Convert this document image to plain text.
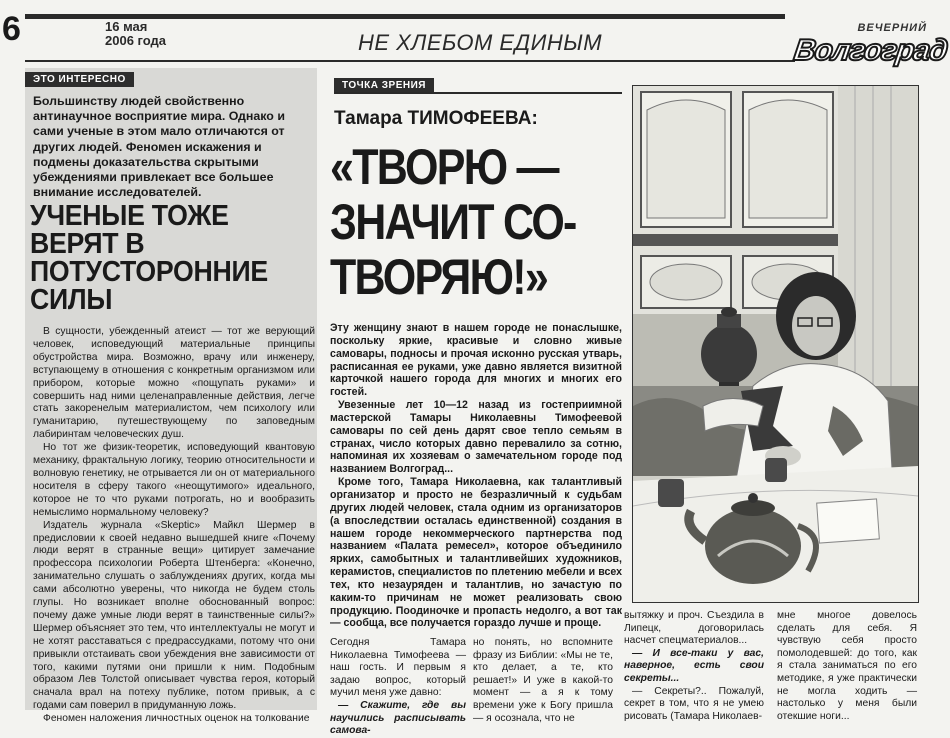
6	16 мая
2006 года	НЕ ХЛЕБОМ ЕДИНЫМ
ВЕЧЕРНИЙ
Волгоград
ЭТО ИНТЕРЕСНО
Большинству людей свойственно антинаучное восприятие мира. Однако и сами ученые в этом мало отличаются от других людей. Феномен искажения и подмены доказательства скрытыми убеждениями привлекает все большее внимание исследователей.
УЧЕНЫЕ ТОЖЕ ВЕРЯТ В ПОТУСТОРОННИЕ СИЛЫ

В сущности, убежденный атеист — тот же верующий человек, исповедующий материальные принципы обустройства мира. Возможно, врачу или инженеру, вступающему в отношения с конкретным организмом или прибором, которые можно «пощупать руками» и совершить над ними целенаправленные действия, легче стать закоренелым материалистом, чем психологу или гуманитарию, путешествующему по заповедным лабиринтам человеческих душ.

Но тот же физик-теоретик, исповедующий квантовую механику, фрактальную логику, теорию относительности и волновую генетику, не отрывается ли он от материального носителя в сферу такого «неощутимого» идеального, которое не то что руками потрогать, но и вообразить немыслимо нормальному человеку?

Издатель журнала «Skeptic» Майкл Шермер в предисловии к своей недавно вышедшей книге «Почему люди верят в странные вещи» цитирует замечание профессора психологии Роберта Штенберга: «Конечно, занимательно слушать о заблуждениях других, когда мы сами абсолютно уверены, что никогда не будем столь глупы. Но возникает вполне обоснованный вопрос: почему даже умные люди верят в таинственные силы?» Шермер объясняет это тем, что интеллектуалы не могут и не хотят расставаться с предрассудками, потому что они привыкли отстаивать свои убеждения вне зависимости от того, какими путями они пришли к ним. Подобным образом Лев Толстой описывает чувства героя, который сначала врал на потеху публике, потом привык, а с годами сам поверил в придуманную ложь.

Феномен наложения личностных оценок на толкование

ТОЧКА ЗРЕНИЯ
Тамара ТИМОФЕЕВА:
«ТВОРЮ — ЗНАЧИТ СО-ТВОРЯЮ!»

Эту женщину знают в нашем городе не понаслышке, поскольку яркие, красивые и словно живые самовары, подносы и прочая исконно русская утварь, расписанная ее руками, уже давно является визитной карточкой нашего города для многих и многих его гостей.

Увезенные лет 10—12 назад из гостеприимной мастерской Тамары Николаевны Тимофеевой самовары по сей день дарят свое тепло семьям в странах, число которых давно перевалило за сотню, напоминая их хозяевам о замечательном городе под названием Волгоград...

Кроме того, Тамара Николаевна, как талантливый организатор и просто не безразличный к судьбам других людей человек, стала одним из организаторов (а впоследствии осталась единственной) создания в нашем городе некоммерческого партнерства под названием «Палата ремесел», которое объединило ярких, самобытных и талантливейших художников, керамистов, специалистов по плетению мебели и всех тех, кто незауряден и талантлив, но зачастую по каким-то причинам не может реализовать свою продукцию. Поодиночке и пропасть недолго, а вот так — сообща, все получается гораздо лучше и проще.

Сегодня Тамара Николаевна Тимофеева — наш гость. И первым я задаю вопрос, который мучил меня уже давно:

— Скажите, где вы научились расписывать самова-

но понять, но вспомните фразу из Библии: «Мы не те, кто делает, а те, кто решает!» И уже в какой-то момент — а я к тому времени уже к Богу пришла — я осознала, что не

вытяжку и проч. Съездила в Липецк, договорилась насчет спецматериалов...

— И все-таки у вас, наверное, есть свои секреты...

— Секреты?.. Пожалуй, секрет в том, что я не умею рисовать (Тамара Николаев-

мне многое довелось сделать для себя. Я чувствую себя просто помолодевшей: до того, как я стала заниматься по его методике, я уже практически не могла ходить — настолько у меня были отекшие ноги...
